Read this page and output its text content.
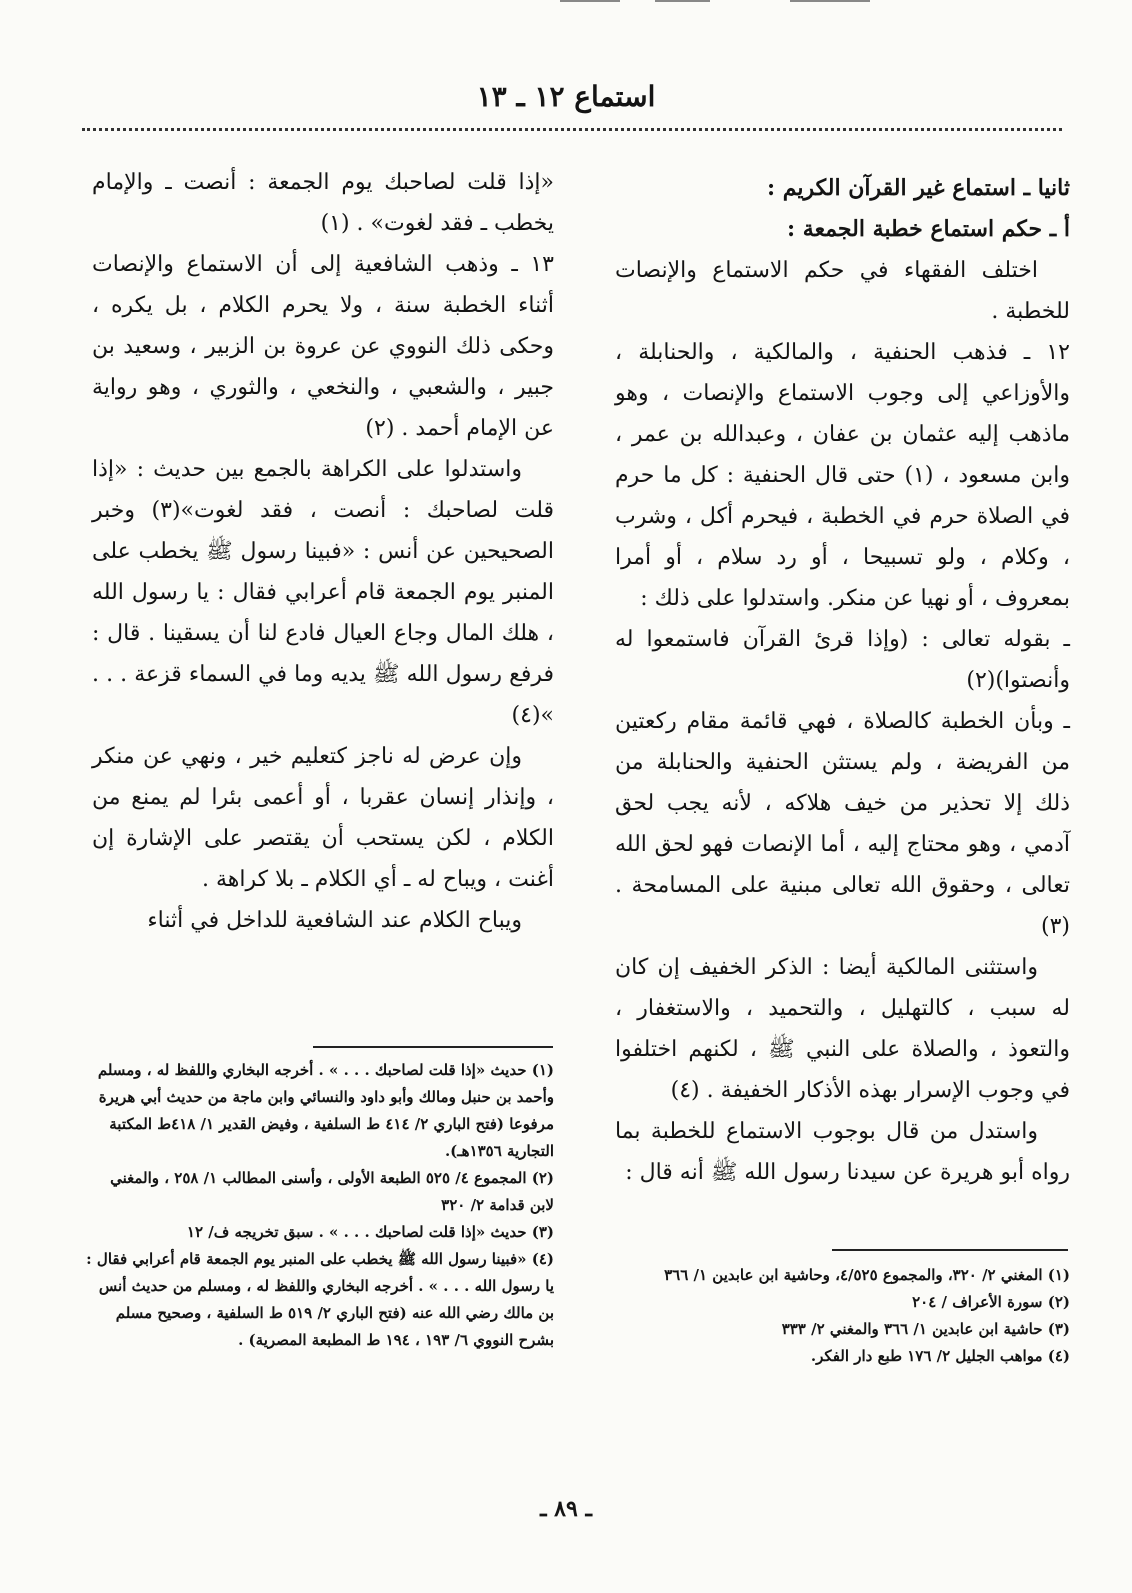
استماع ١٢ ـ ١٣

ثانيا ـ استماع غير القرآن الكريم :

أ ـ حكم استماع خطبة الجمعة :

اختلف الفقهاء في حكم الاستماع والإنصات للخطبة .

١٢ ـ فذهب الحنفية ، والمالكية ، والحنابلة ، والأوزاعي إلى وجوب الاستماع والإنصات ، وهو ماذهب إليه عثمان بن عفان ، وعبدالله بن عمر ، وابن مسعود ، (١) حتى قال الحنفية : كل ما حرم في الصلاة حرم في الخطبة ، فيحرم أكل ، وشرب ، وكلام ، ولو تسبيحا ، أو رد سلام ، أو أمرا بمعروف ، أو نهيا عن منكر. واستدلوا على ذلك :

ـ بقوله تعالى : (وإذا قرئ القرآن فاستمعوا له وأنصتوا)(٢)

ـ وبأن الخطبة كالصلاة ، فهي قائمة مقام ركعتين من الفريضة ، ولم يستثن الحنفية والحنابلة من ذلك إلا تحذير من خيف هلاكه ، لأنه يجب لحق آدمي ، وهو محتاج إليه ، أما الإنصات فهو لحق الله تعالى ، وحقوق الله تعالى مبنية على المسامحة . (٣)

واستثنى المالكية أيضا : الذكر الخفيف إن كان له سبب ، كالتهليل ، والتحميد ، والاستغفار ، والتعوذ ، والصلاة على النبي ﷺ ، لكنهم اختلفوا في وجوب الإسرار بهذه الأذكار الخفيفة . (٤)

واستدل من قال بوجوب الاستماع للخطبة بما رواه أبو هريرة عن سيدنا رسول الله ﷺ أنه قال :

«إذا قلت لصاحبك يوم الجمعة : أنصت ـ والإمام يخطب ـ فقد لغوت» . (١)

١٣ ـ وذهب الشافعية إلى أن الاستماع والإنصات أثناء الخطبة سنة ، ولا يحرم الكلام ، بل يكره ، وحكى ذلك النووي عن عروة بن الزبير ، وسعيد بن جبير ، والشعبي ، والنخعي ، والثوري ، وهو رواية عن الإمام أحمد . (٢)

واستدلوا على الكراهة بالجمع بين حديث : «إذا قلت لصاحبك : أنصت ، فقد لغوت»(٣) وخبر الصحيحين عن أنس : «فبينا رسول ﷺ يخطب على المنبر يوم الجمعة قام أعرابي فقال : يا رسول الله ، هلك المال وجاع العيال فادع لنا أن يسقينا . قال : فرفع رسول الله ﷺ يديه وما في السماء قزعة . . . »(٤)

وإن عرض له ناجز كتعليم خير ، ونهي عن منكر ، وإنذار إنسان عقربا ، أو أعمى بئرا لم يمنع من الكلام ، لكن يستحب أن يقتصر على الإشارة إن أغنت ، ويباح له ـ أي الكلام ـ بلا كراهة .

ويباح الكلام عند الشافعية للداخل في أثناء

(١) المغني ٢/ ٣٢٠، والمجموع ٤/٥٢٥، وحاشية ابن عابدين ١/ ٣٦٦

(٢) سورة الأعراف / ٢٠٤

(٣) حاشية ابن عابدين ١/ ٣٦٦ والمغني ٢/ ٣٣٣

(٤) مواهب الجليل ٢/ ١٧٦ طبع دار الفكر.

(١) حديث «إذا قلت لصاحبك . . . » . أخرجه البخاري واللفظ له ، ومسلم وأحمد بن حنبل ومالك وأبو داود والنسائي وابن ماجة من حديث أبي هريرة مرفوعا (فتح الباري ٢/ ٤١٤ ط السلفية ، وفيض القدير ١/ ٤١٨ط المكتبة التجارية ١٣٥٦هـ).

(٢) المجموع ٤/ ٥٢٥ الطبعة الأولى ، وأسنى المطالب ١/ ٢٥٨ ، والمغني لابن قدامة ٢/ ٣٢٠

(٣) حديث «إذا قلت لصاحبك . . . » . سبق تخريجه ف/ ١٢

(٤) «فبينا رسول الله ﷺ يخطب على المنبر يوم الجمعة قام أعرابي فقال : يا رسول الله . . . » . أخرجه البخاري واللفظ له ، ومسلم من حديث أنس بن مالك رضي الله عنه (فتح الباري ٢/ ٥١٩ ط السلفية ، وصحيح مسلم بشرح النووي ٦/ ١٩٣ ، ١٩٤ ط المطبعة المصرية) .

ـ ٨٩ ـ
